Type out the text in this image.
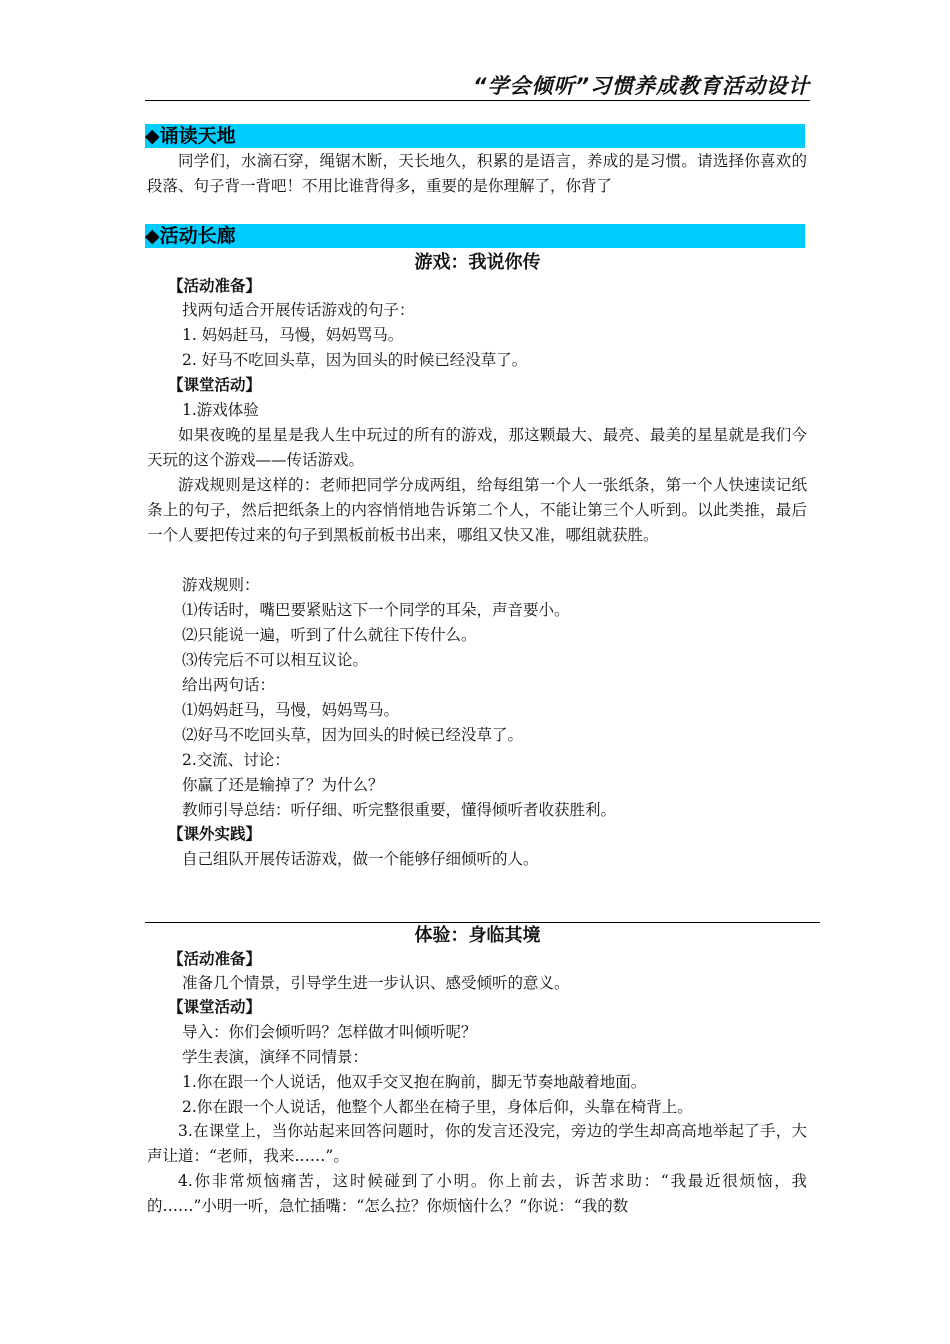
“学会倾听”习惯养成教育活动设计
◆诵读天地

同学们，水滴石穿，绳锯木断，天长地久，积累的是语言，养成的是习惯。请选择你喜欢的段落、句子背一背吧！不用比谁背得多，重要的是你理解了，你背了

◆活动长廊
游戏：我说你传
【活动准备】
找两句适合开展传话游戏的句子：
1. 妈妈赶马，马慢，妈妈骂马。
2. 好马不吃回头草，因为回头的时候已经没草了。
【课堂活动】
1.游戏体验

如果夜晚的星星是我人生中玩过的所有的游戏，那这颗最大、最亮、最美的星星就是我们今天玩的这个游戏——传话游戏。

游戏规则是这样的：老师把同学分成两组，给每组第一个人一张纸条，第一个人快速读记纸条上的句子，然后把纸条上的内容悄悄地告诉第二个人，不能让第三个人听到。以此类推，最后一个人要把传过来的句子到黑板前板书出来，哪组又快又准，哪组就获胜。

游戏规则：
⑴传话时，嘴巴要紧贴这下一个同学的耳朵，声音要小。
⑵只能说一遍，听到了什么就往下传什么。
⑶传完后不可以相互议论。
给出两句话：
⑴妈妈赶马，马慢，妈妈骂马。
⑵好马不吃回头草，因为回头的时候已经没草了。
2.交流、讨论：
你赢了还是输掉了？为什么？
教师引导总结：听仔细、听完整很重要，懂得倾听者收获胜利。
【课外实践】
自己组队开展传话游戏，做一个能够仔细倾听的人。
体验：身临其境
【活动准备】
准备几个情景，引导学生进一步认识、感受倾听的意义。
【课堂活动】
导入：你们会倾听吗？怎样做才叫倾听呢？
学生表演，演绎不同情景：
1.你在跟一个人说话，他双手交叉抱在胸前，脚无节奏地敲着地面。
2.你在跟一个人说话，他整个人都坐在椅子里，身体后仰，头靠在椅背上。

3.在课堂上，当你站起来回答问题时，你的发言还没完，旁边的学生却高高地举起了手，大声让道：“老师，我来……”。

4.你非常烦恼痛苦，这时候碰到了小明。你上前去，诉苦求助：“我最近很烦恼，我的……”小明一听，急忙插嘴：“怎么拉？你烦恼什么？”你说：“我的数
